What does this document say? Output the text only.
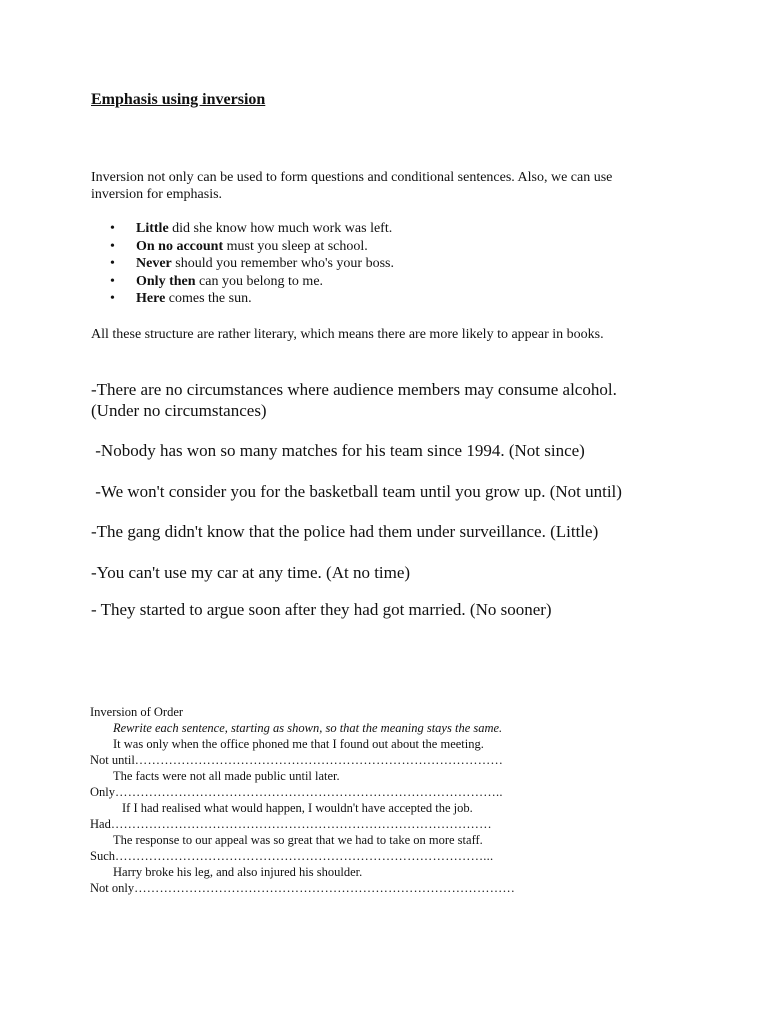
Emphasis using inversion
Inversion not only can be used to form questions and conditional sentences. Also, we can use
inversion for emphasis.
• Little did she know how much work was left.
• On no account must you sleep at school.
• Never should you remember who's your boss.
• Only then can you belong to me.
• Here comes the sun.
All these structure are rather literary, which means there are more likely to appear in books.
-There are no circumstances where audience members may consume alcohol.
(Under no circumstances)
-Nobody has won so many matches for his team since 1994. (Not since)
-We won't consider you for the basketball team until you grow up. (Not until)
-The gang didn't know that the police had them under surveillance. (Little)
-You can't use my car at any time. (At no time)
- They started to argue soon after they had got married. (No sooner)
Inversion of Order
Rewrite each sentence, starting as shown, so that the meaning stays the same.
It was only when the office phoned me that I found out about the meeting.
Not until……………………………………………………………………………
The facts were not all made public until later.
Only………………………………………………………………………………..
If I had realised what would happen, I wouldn't have accepted the job.
Had………………………………………………………………………………
The response to our appeal was so great that we had to take on more staff.
Such……………………………………………………………………………...
Harry broke his leg, and also injured his shoulder.
Not only………………………………………………………………………………
